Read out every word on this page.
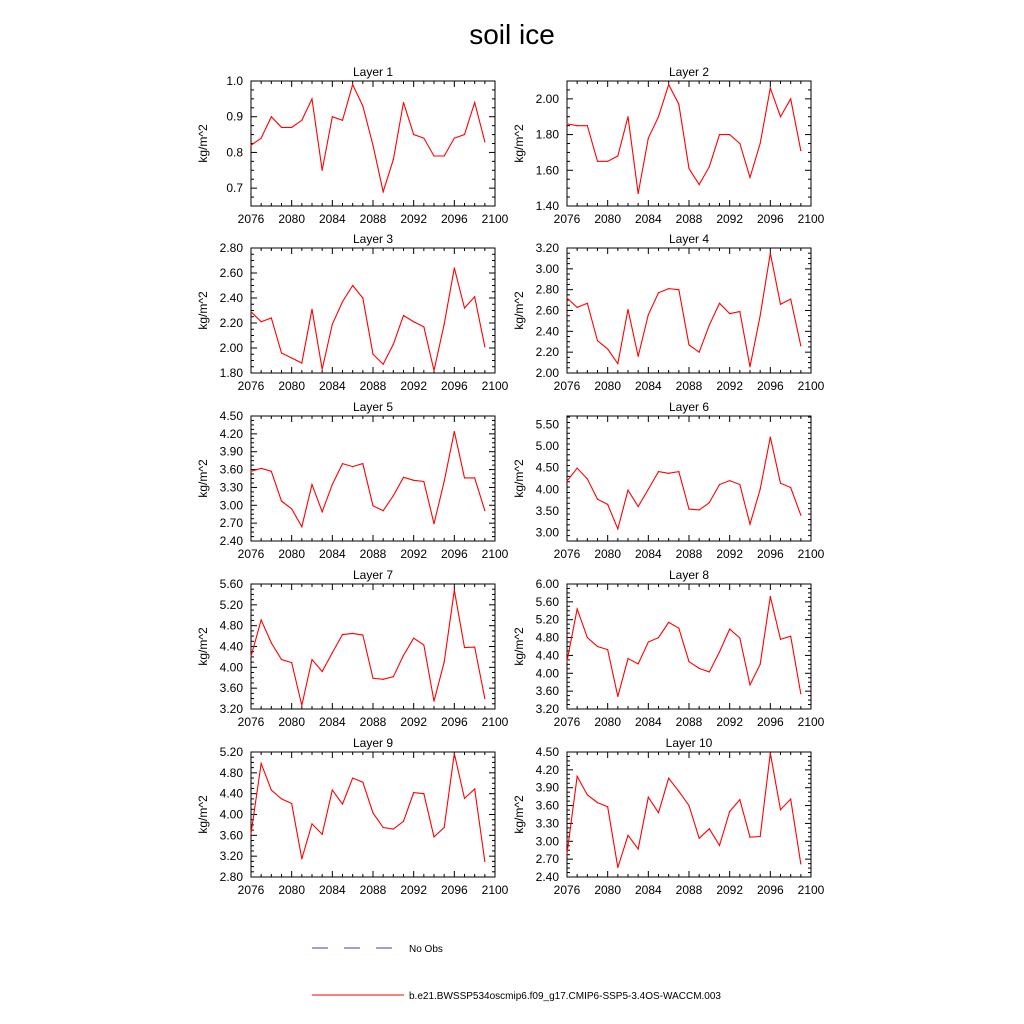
soil ice
Layer 1
kg/m^2
2076 2080 2084 2088 2092 2096 2100
0.7
0.8
0.9
1.0
Layer 2
kg/m^2
2076 2080 2084 2088 2092 2096 2100
1.40
1.60
1.80
2.00
Layer 3
kg/m^2
2076 2080 2084 2088 2092 2096 2100
1.80
2.00
2.20
2.40
2.60
2.80
Layer 4
kg/m^2
2076 2080 2084 2088 2092 2096 2100
2.00
2.20
2.40
2.60
2.80
3.00
3.20
Layer 5
kg/m^2
2076 2080 2084 2088 2092 2096 2100
2.40
2.70
3.00
3.30
3.60
3.90
4.20
4.50
Layer 6
kg/m^2
2076 2080 2084 2088 2092 2096 2100
3.00
3.50
4.00
4.50
5.00
5.50
Layer 7
kg/m^2
2076 2080 2084 2088 2092 2096 2100
3.20
3.60
4.00
4.40
4.80
5.20
5.60
Layer 8
kg/m^2
2076 2080 2084 2088 2092 2096 2100
3.20
3.60
4.00
4.40
4.80
5.20
5.60
6.00
Layer 9
kg/m^2
2076 2080 2084 2088 2092 2096 2100
2.80
3.20
3.60
4.00
4.40
4.80
5.20
Layer 10
kg/m^2
2076 2080 2084 2088 2092 2096 2100
2.40
2.70
3.00
3.30
3.60
3.90
4.20
4.50
No Obs
b.e21.BWSSP534oscmip6.f09_g17.CMIP6-SSP5-3.4OS-WACCM.003
